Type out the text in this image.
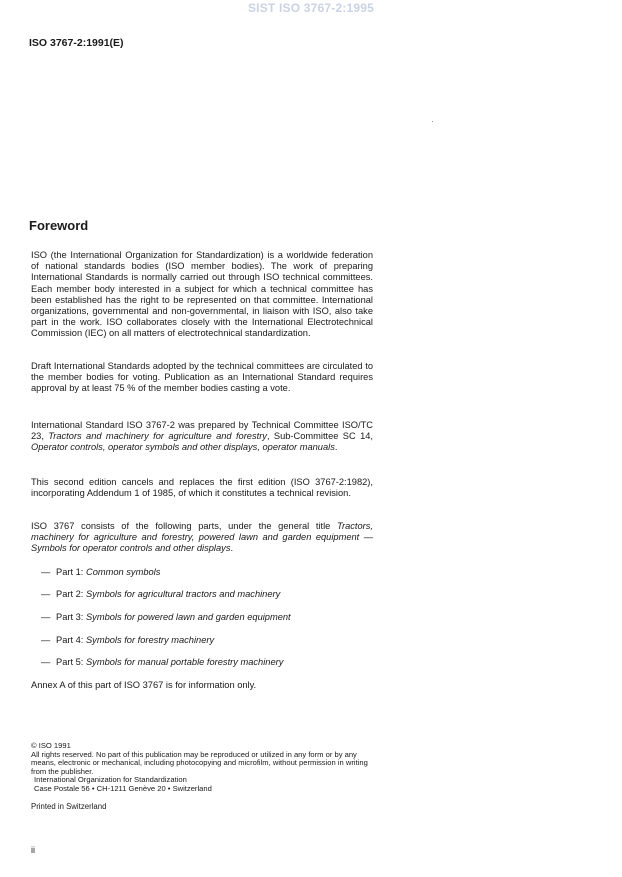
SIST ISO 3767-2:1995
ISO 3767-2:1991(E)
Foreword

ISO (the International Organization for Standardization) is a worldwide federation of national standards bodies (ISO member bodies). The work of preparing International Standards is normally carried out through ISO technical committees. Each member body interested in a subject for which a technical committee has been established has the right to be represented on that committee. International organizations, governmental and non-governmental, in liaison with ISO, also take part in the work. ISO collaborates closely with the International Electrotechnical Commission (IEC) on all matters of electrotechnical standardization.

Draft International Standards adopted by the technical committees are circulated to the member bodies for voting. Publication as an International Standard requires approval by at least 75 % of the member bodies casting a vote.

International Standard ISO 3767-2 was prepared by Technical Committee ISO/TC 23, Tractors and machinery for agriculture and forestry, Sub-Committee SC 14, Operator controls, operator symbols and other displays, operator manuals.

This second edition cancels and replaces the first edition (ISO 3767-2:1982), incorporating Addendum 1 of 1985, of which it constitutes a technical revision.

ISO 3767 consists of the following parts, under the general title Tractors, machinery for agriculture and forestry, powered lawn and garden equipment — Symbols for operator controls and other displays.

— Part 1: Common symbols
— Part 2: Symbols for agricultural tractors and machinery
— Part 3: Symbols for powered lawn and garden equipment
— Part 4: Symbols for forestry machinery
— Part 5: Symbols for manual portable forestry machinery

Annex A of this part of ISO 3767 is for information only.

© ISO 1991
All rights reserved. No part of this publication may be reproduced or utilized in any form or by any means, electronic or mechanical, including photocopying and microfilm, without permission in writing from the publisher.
International Organization for Standardization
Case Postale 56 • CH-1211 Genève 20 • Switzerland
Printed in Switzerland
ii
